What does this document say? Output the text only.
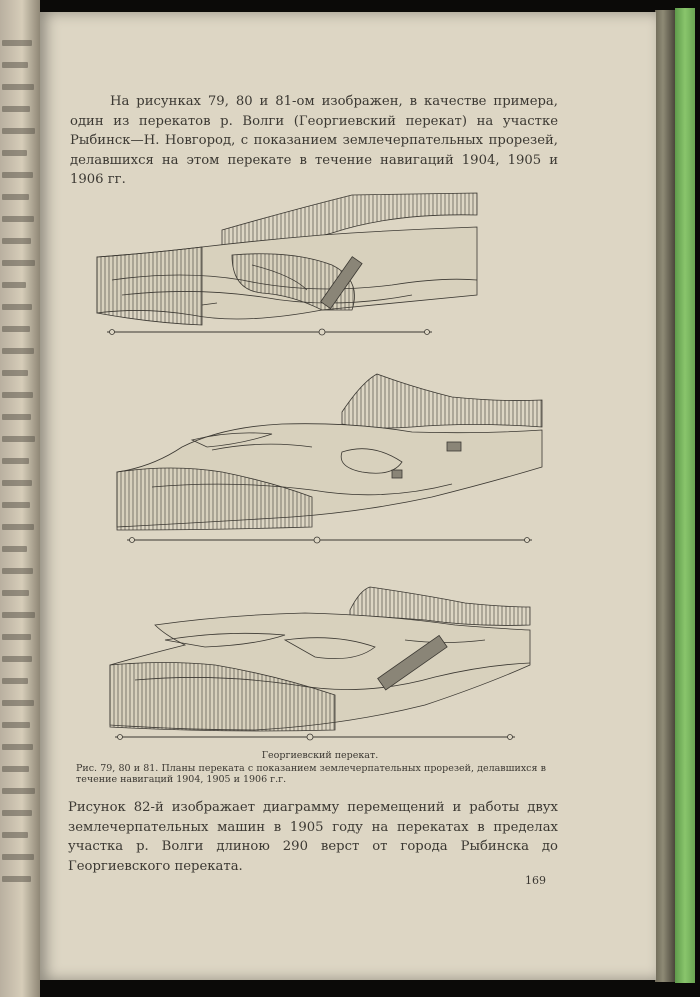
На рисунках 79, 80 и 81-ом изображен, в качестве примера, один из перекатов р. Волги (Георгиевский перекат) на участке Рыбинск—Н. Новгород, с показанием землечерпательных прорезей, делавшихся на этом перекате в течение навигаций 1904, 1905 и 1906 гг.

Георгиевский перекат.
Рис. 79, 80 и 81. Планы переката с показанием землечерпательных прорезей, делавшихся в течение навигаций 1904, 1905 и 1906 г.г.

Рисунок 82-й изображает диаграмму перемещений и работы двух землечерпательных машин в 1905 году на перекатах в пределах участка р. Волги длиною 290 верст от города Рыбинска до Георгиевского переката.

169
